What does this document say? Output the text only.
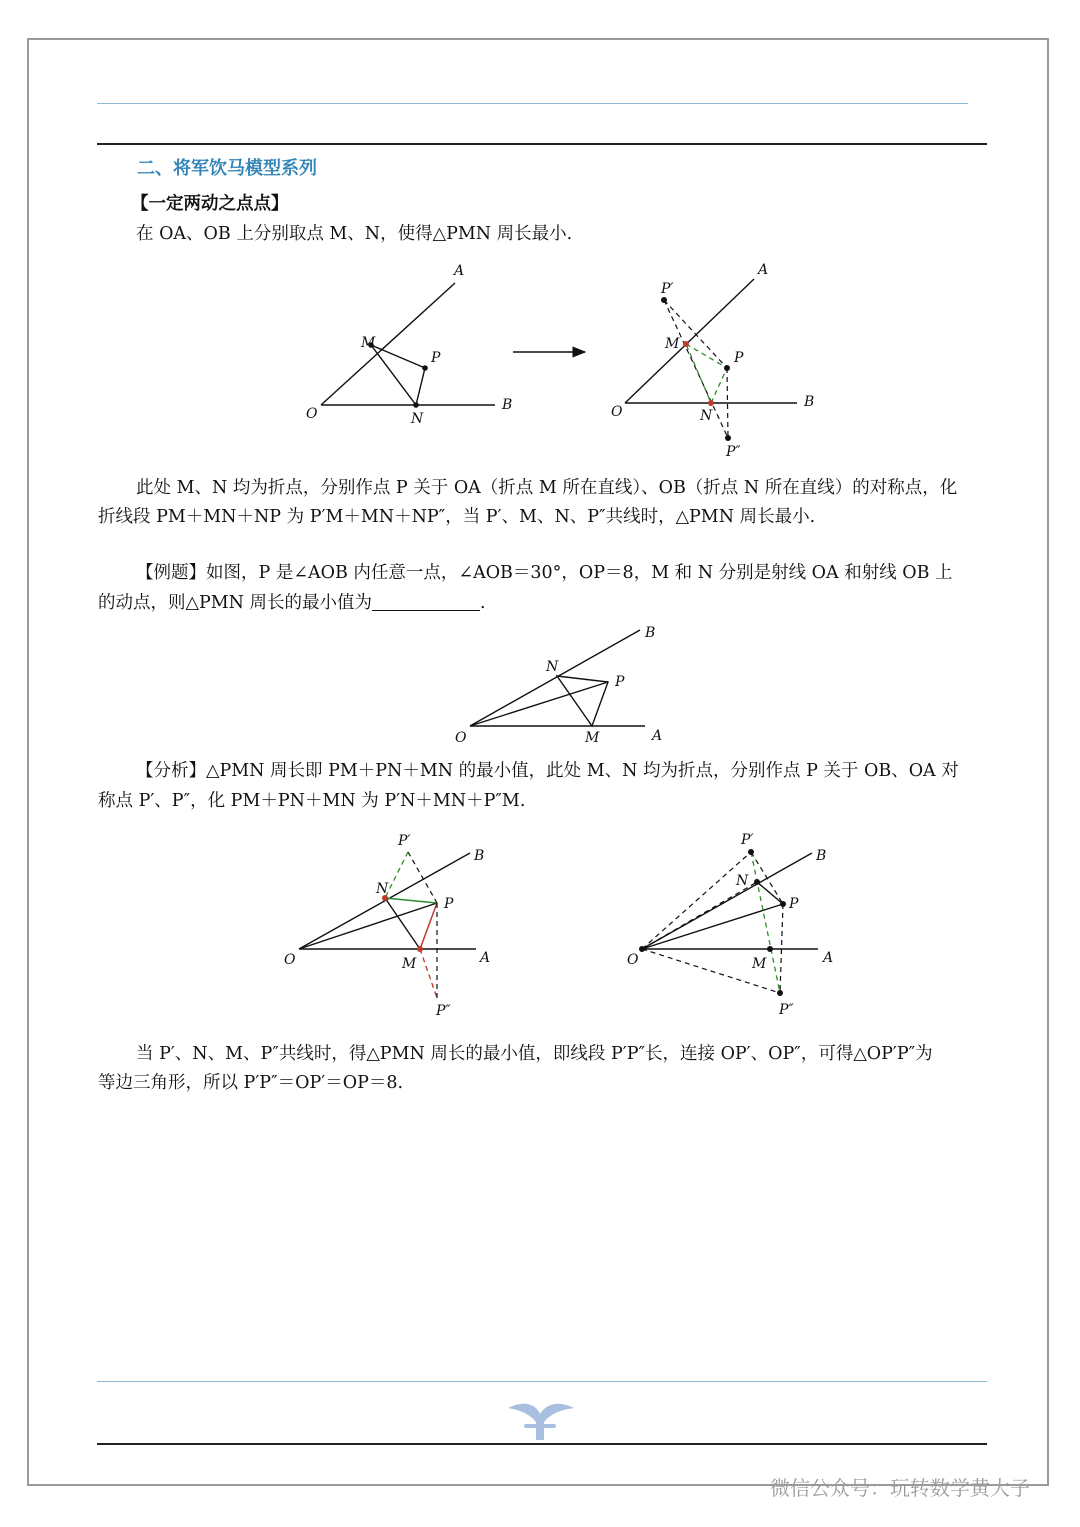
二、将军饮马模型系列
【一定两动之点点】
在 OA、OB 上分别取点 M、N，使得△PMN 周长最小.
此处 M、N 均为折点，分别作点 P 关于 OA（折点 M 所在直线）、OB（折点 N 所在直线）的对称点，化
折线段 PM＋MN＋NP 为 P′M＋MN＋NP″，当 P′、M、N、P″共线时，△PMN 周长最小.
【例题】如图，P 是∠AOB 内任意一点，∠AOB＝30°，OP＝8，M 和 N 分别是射线 OA 和射线 OB 上
的动点，则△PMN 周长的最小值为	.
【分析】△PMN 周长即 PM＋PN＋MN 的最小值，此处 M、N 均为折点，分别作点 P 关于 OB、OA 对
称点 P′、P″，化 PM＋PN＋MN 为 P′N＋MN＋P″M.
当 P′、N、M、P″共线时，得△PMN 周长的最小值，即线段 P′P″长，连接 OP′、OP″，可得△OP′P″为
等边三角形，所以 P′P″＝OP′＝OP＝8.
O
A
B
M
P
N	O
A
B
P′
M
P
N
P″
O
B
A
N
P
M
O
B
A
P′
N
P
M
P″
O
B
A
P′
N
P
M
P″
微信公众号：玩转数学黄大子
